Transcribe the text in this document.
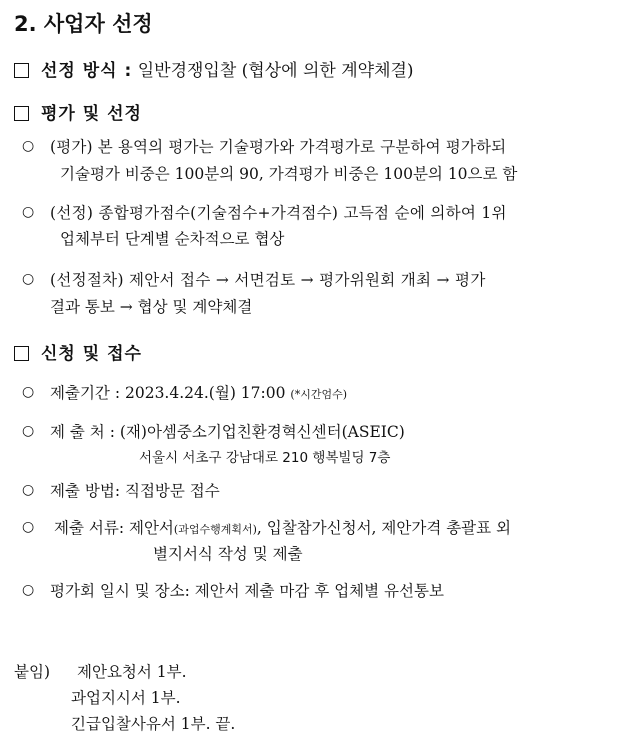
2. 사업자 선정
선정 방식 : 일반경쟁입찰 (협상에 의한 계약체결)
평가 및 선정
○ (평가) 본 용역의 평가는 기술평가와 가격평가로 구분하여 평가하되
기술평가 비중은 100분의 90, 가격평가 비중은 100분의 10으로 함
○ (선정) 종합평가점수(기술점수+가격점수) 고득점 순에 의하여 1위
업체부터 단계별 순차적으로 협상
○ (선정절차) 제안서 접수 → 서면검토 → 평가위원회 개최 → 평가
결과 통보 → 협상 및 계약체결
신청 및 접수
○ 제출기간 : 2023.4.24.(월) 17:00 (*시간엄수)
○ 제 출 처 : (재)아셈중소기업친환경혁신센터(ASEIC)
서울시 서초구 강남대로 210 행복빌딩 7층
○ 제출 방법: 직접방문 접수
○ 제출 서류: 제안서(과업수행계획서), 입찰참가신청서, 제안가격 총괄표 외
별지서식 작성 및 제출
○ 평가회 일시 및 장소: 제안서 제출 마감 후 업체별 유선통보
붙임) 제안요청서 1부.
과업지시서 1부.
긴급입찰사유서 1부. 끝.
